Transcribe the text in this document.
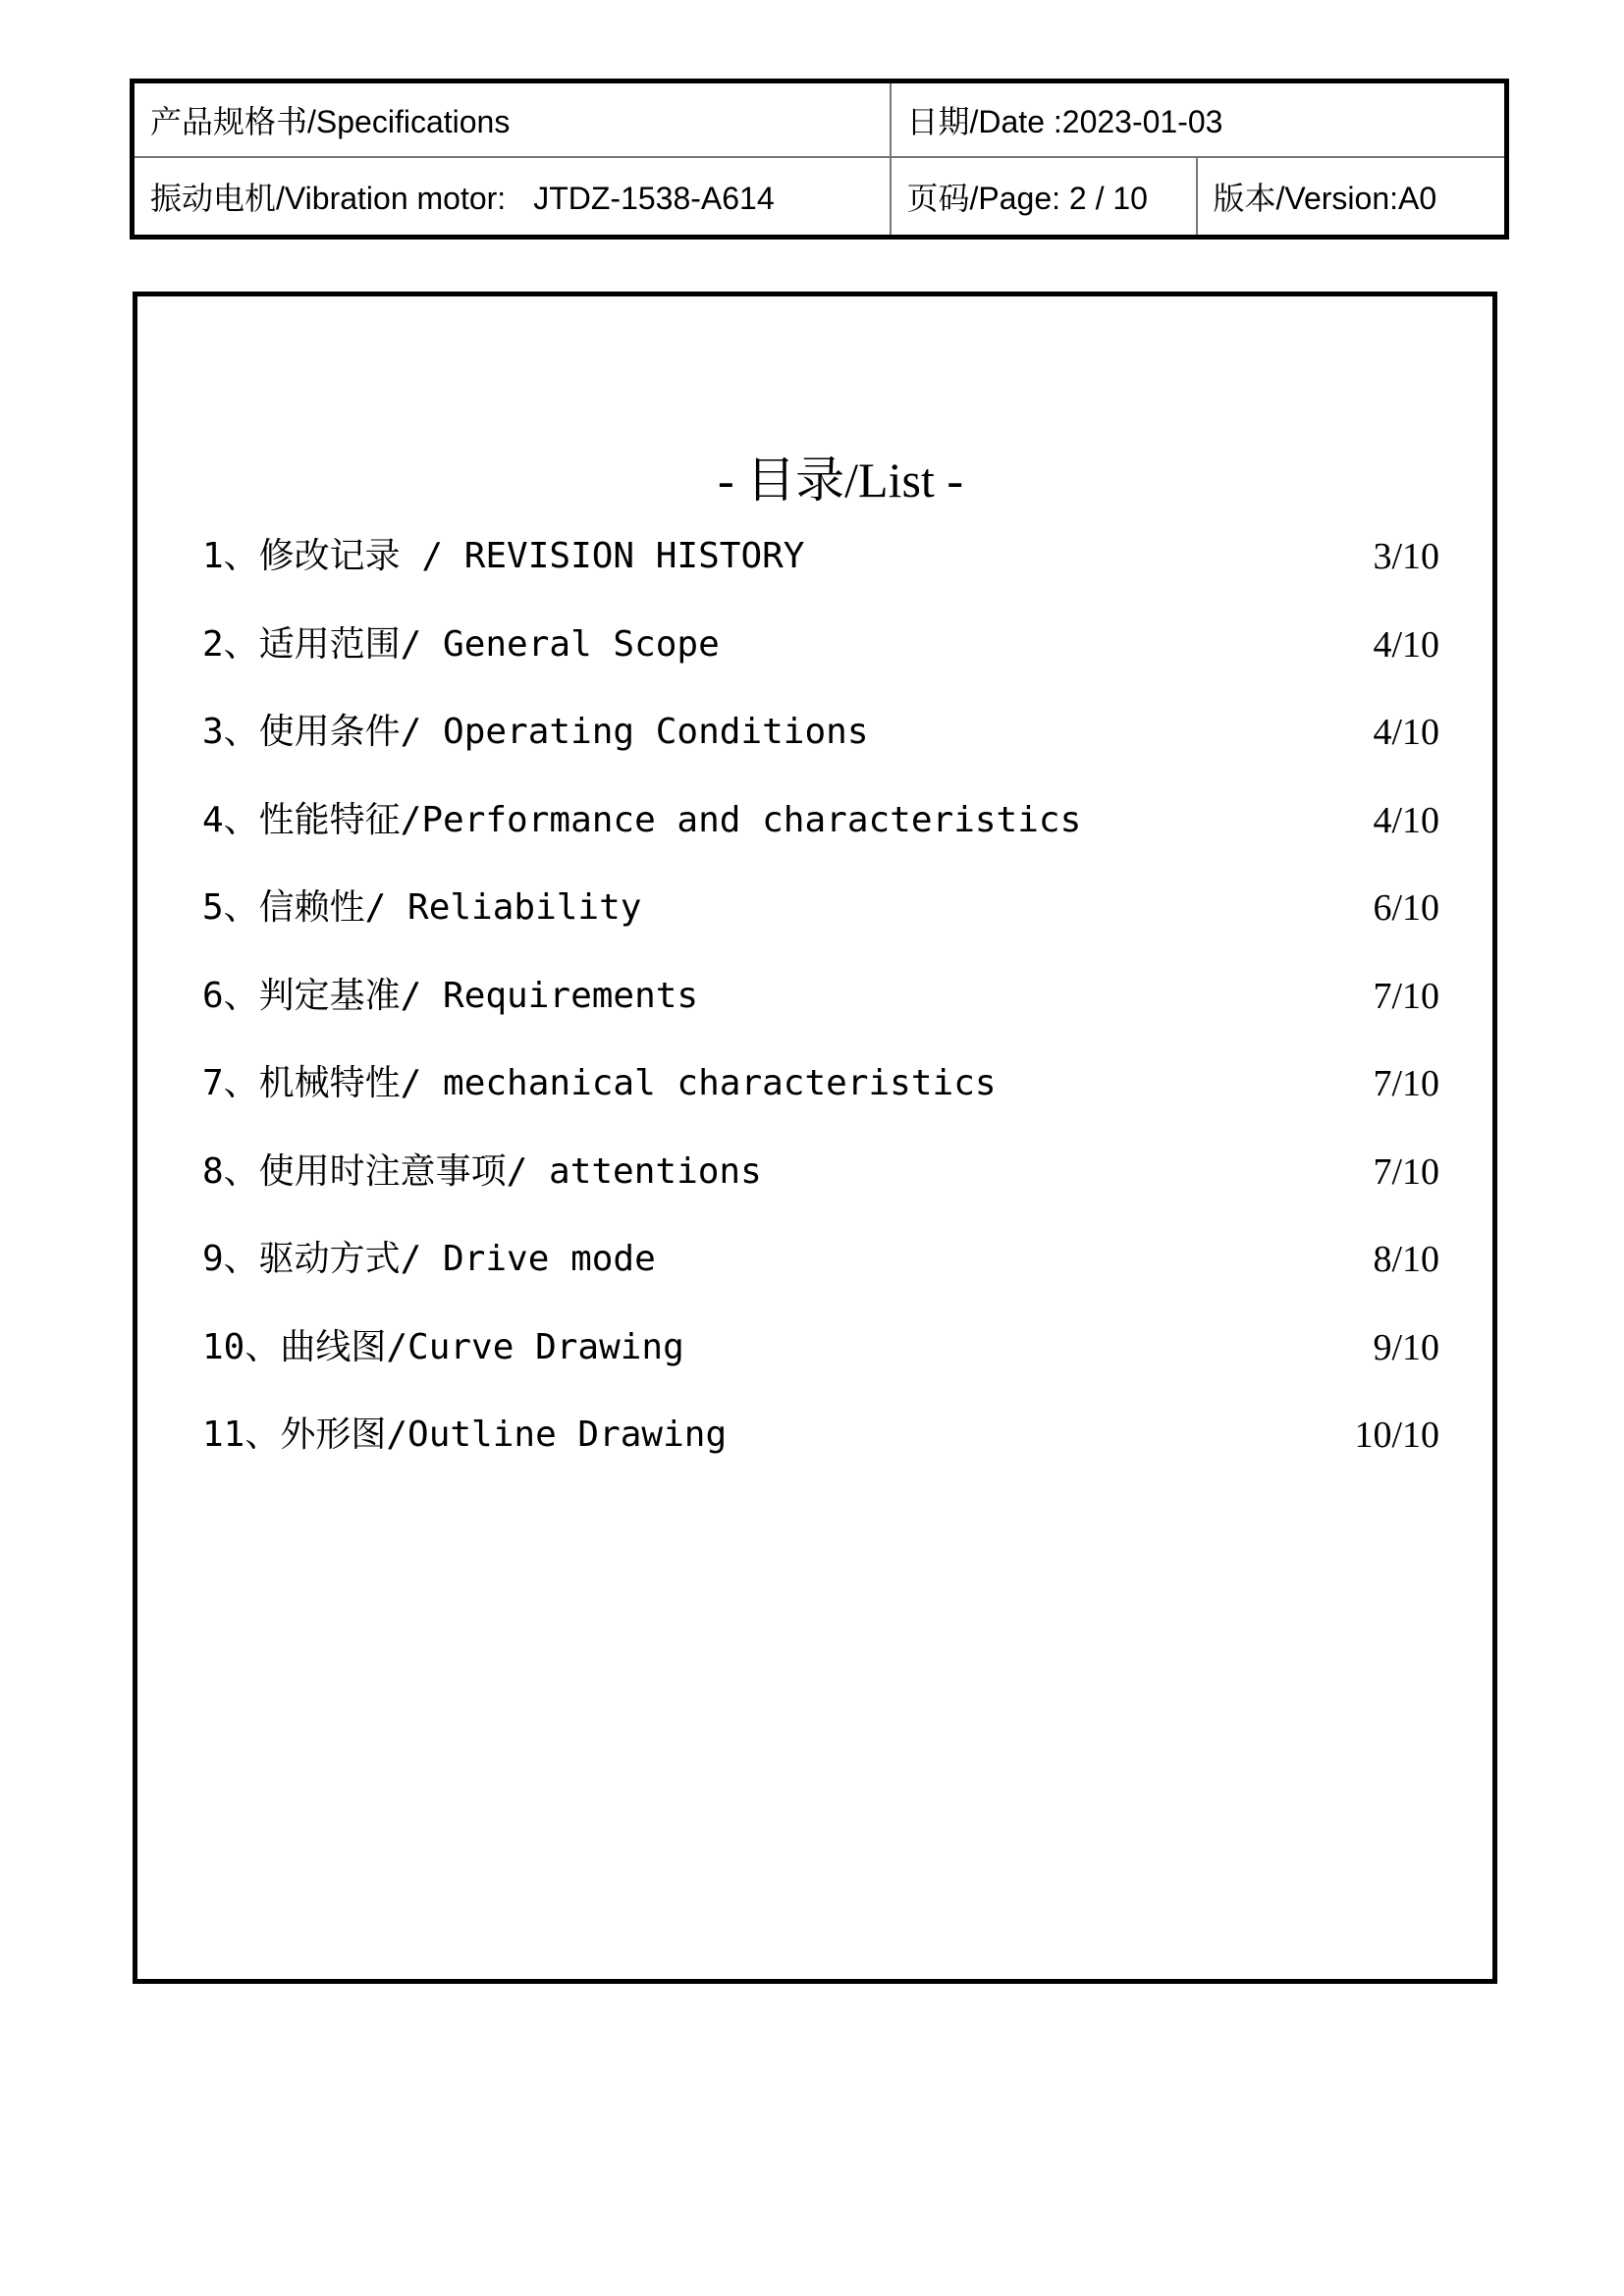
产品规格书/Specifications	日期/Date :2023-01-03	
振动电机/Vibration motor: JTDZ-1538-A614	页码/Page: 2 / 10	版本/Version:A0
- 目录/List -
1、修改记录 / REVISION HISTORY	3/10
2、适用范围/ General Scope	4/10
3、使用条件/ Operating Conditions	4/10
4、性能特征/Performance and characteristics	4/10
5、信赖性/ Reliability	6/10
6、判定基准/ Requirements	7/10
7、机械特性/ mechanical characteristics	7/10
8、使用时注意事项/ attentions	7/10
9、驱动方式/ Drive mode	8/10
10、曲线图/Curve Drawing	9/10
11、外形图/Outline Drawing	10/10
